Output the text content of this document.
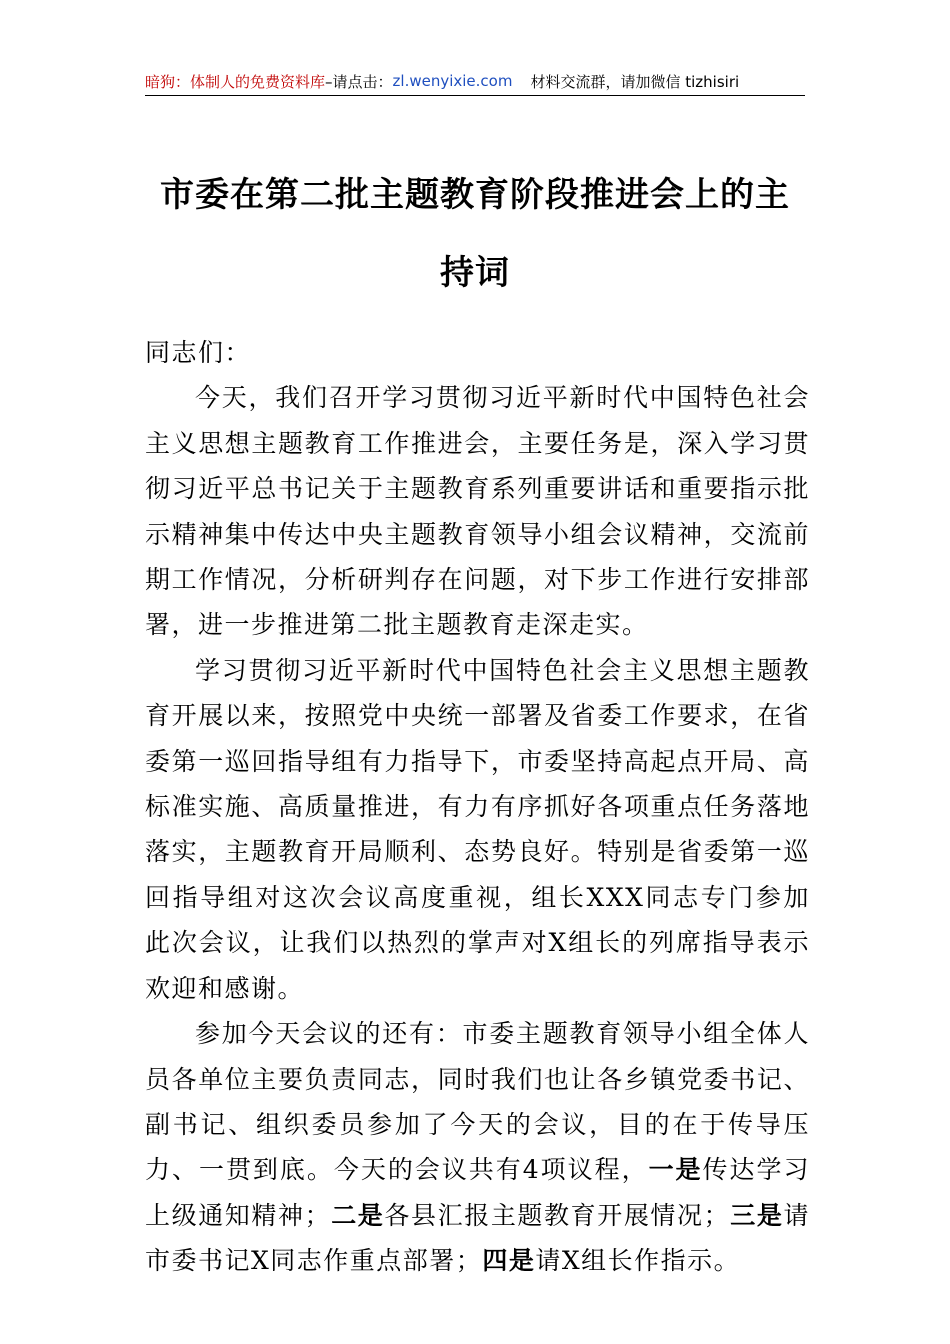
暗狗：体制人的免费资料库 –请点击： zl.wenyixie.com 材料交流群，请加微信 tizhisiri
市委在第二批主题教育阶段推进会上的主持词

同志们：

今天，我们召开学习贯彻习近平新时代中国特色社会主义思想主题教育工作推进会，主要任务是，深入学习贯彻习近平总书记关于主题教育系列重要讲话和重要指示批示精神集中传达中央主题教育领导小组会议精神，交流前期工作情况，分析研判存在问题，对下步工作进行安排部署，进一步推进第二批主题教育走深走实。

学习贯彻习近平新时代中国特色社会主义思想主题教育开展以来，按照党中央统一部署及省委工作要求，在省委第一巡回指导组有力指导下，市委坚持高起点开局、高标准实施、高质量推进，有力有序抓好各项重点任务落地落实，主题教育开局顺利、态势良好。特别是省委第一巡回指导组对这次会议高度重视，组长XXX同志专门参加此次会议，让我们以热烈的掌声对X组长的列席指导表示欢迎和感谢。

参加今天会议的还有：市委主题教育领导小组全体人员各单位主要负责同志，同时我们也让各乡镇党委书记、副书记、组织委员参加了今天的会议，目的在于传导压力、一贯到底。今天的会议共有4项议程，一是传达学习上级通知精神；二是各县汇报主题教育开展情况；三是请市委书记X同志作重点部署；四是请X组长作指示。
